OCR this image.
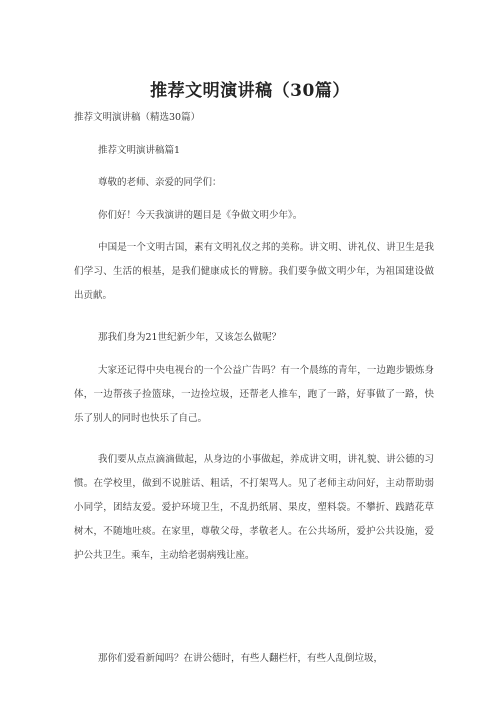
推荐文明演讲稿（30篇）

推荐文明演讲稿（精选30篇）

推荐文明演讲稿篇1

尊敬的老师、亲爱的同学们：

你们好！今天我演讲的题目是《争做文明少年》。

中国是一个文明古国，素有文明礼仪之邦的美称。讲文明、讲礼仪、讲卫生是我们学习、生活的根基，是我们健康成长的臂膀。我们要争做文明少年，为祖国建设做出贡献。

那我们身为21世纪新少年，又该怎么做呢？

大家还记得中央电视台的一个公益广告吗？有一个晨练的青年，一边跑步锻炼身体，一边帮孩子捡篮球，一边捡垃圾，还帮老人推车，跑了一路，好事做了一路，快乐了别人的同时也快乐了自己。

我们要从点点滴滴做起，从身边的小事做起，养成讲文明，讲礼貌、讲公德的习惯。在学校里，做到不说脏话、粗话，不打架骂人。见了老师主动问好，主动帮助弱小同学，团结友爱。爱护环境卫生，不乱扔纸屑、果皮，塑料袋。不攀折、践踏花草树木，不随地吐痰。在家里，尊敬父母，孝敬老人。在公共场所，爱护公共设施，爱护公共卫生。乘车，主动给老弱病残让座。

那你们爱看新闻吗？在讲公德时，有些人翻栏杆，有些人乱倒垃圾，
